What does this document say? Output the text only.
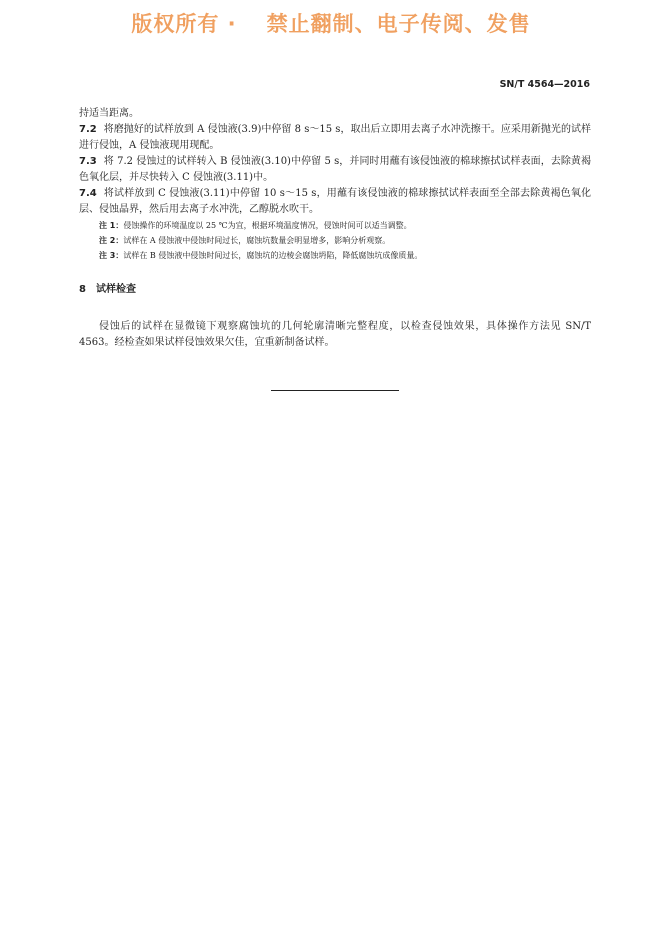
版权所有 · 禁止翻制、电子传阅、发售
SN/T 4564—2016

持适当距离。

7.2 将磨抛好的试样放到 A 侵蚀液(3.9)中停留 8 s～15 s，取出后立即用去离子水冲洗擦干。应采用新抛光的试样进行侵蚀，A 侵蚀液现用现配。

7.3 将 7.2 侵蚀过的试样转入 B 侵蚀液(3.10)中停留 5 s，并同时用蘸有该侵蚀液的棉球擦拭试样表面，去除黄褐色氧化层，并尽快转入 C 侵蚀液(3.11)中。

7.4 将试样放到 C 侵蚀液(3.11)中停留 10 s～15 s，用蘸有该侵蚀液的棉球擦拭试样表面至全部去除黄褐色氧化层、侵蚀晶界，然后用去离子水冲洗，乙醇脱水吹干。

注 1：侵蚀操作的环境温度以 25 ℃为宜，根据环境温度情况，侵蚀时间可以适当调整。

注 2：试样在 A 侵蚀液中侵蚀时间过长，腐蚀坑数量会明显增多，影响分析观察。

注 3：试样在 B 侵蚀液中侵蚀时间过长，腐蚀坑的边棱会腐蚀坍陷，降低腐蚀坑成像质量。

8 试样检查

侵蚀后的试样在显微镜下观察腐蚀坑的几何轮廓清晰完整程度，以检查侵蚀效果，具体操作方法见 SN/T 4563。经检查如果试样侵蚀效果欠佳，宜重新制备试样。
